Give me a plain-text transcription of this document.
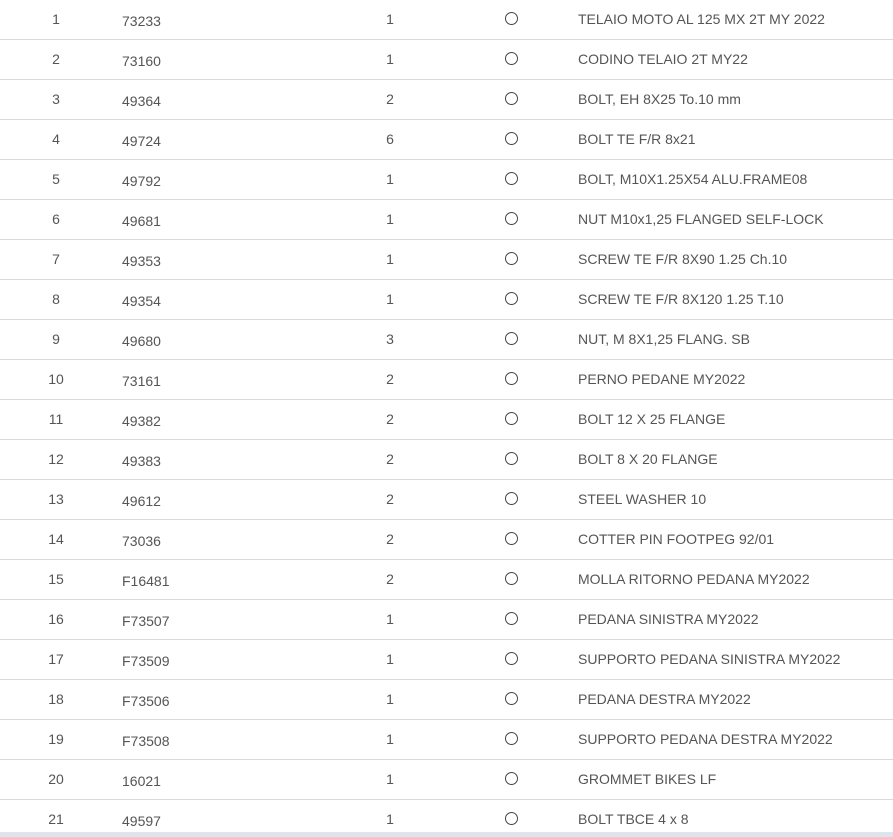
1	73233	1	TELAIO MOTO AL 125 MX 2T MY 2022
2	73160	1	CODINO TELAIO 2T MY22
3	49364	2	BOLT, EH 8X25 To.10 mm
4	49724	6	BOLT TE F/R 8x21
5	49792	1	BOLT, M10X1.25X54 ALU.FRAME08
6	49681	1	NUT M10x1,25 FLANGED SELF-LOCK
7	49353	1	SCREW TE F/R 8X90 1.25 Ch.10
8	49354	1	SCREW TE F/R 8X120 1.25 T.10
9	49680	3	NUT, M 8X1,25 FLANG. SB
10	73161	2	PERNO PEDANE MY2022
11	49382	2	BOLT 12 X 25 FLANGE
12	49383	2	BOLT 8 X 20 FLANGE
13	49612	2	STEEL WASHER 10
14	73036	2	COTTER PIN FOOTPEG 92/01
15	F16481	2	MOLLA RITORNO PEDANA MY2022
16	F73507	1	PEDANA SINISTRA MY2022
17	F73509	1	SUPPORTO PEDANA SINISTRA MY2022
18	F73506	1	PEDANA DESTRA MY2022
19	F73508	1	SUPPORTO PEDANA DESTRA MY2022
20	16021	1	GROMMET BIKES LF
21	49597	1	BOLT TBCE 4 x 8
